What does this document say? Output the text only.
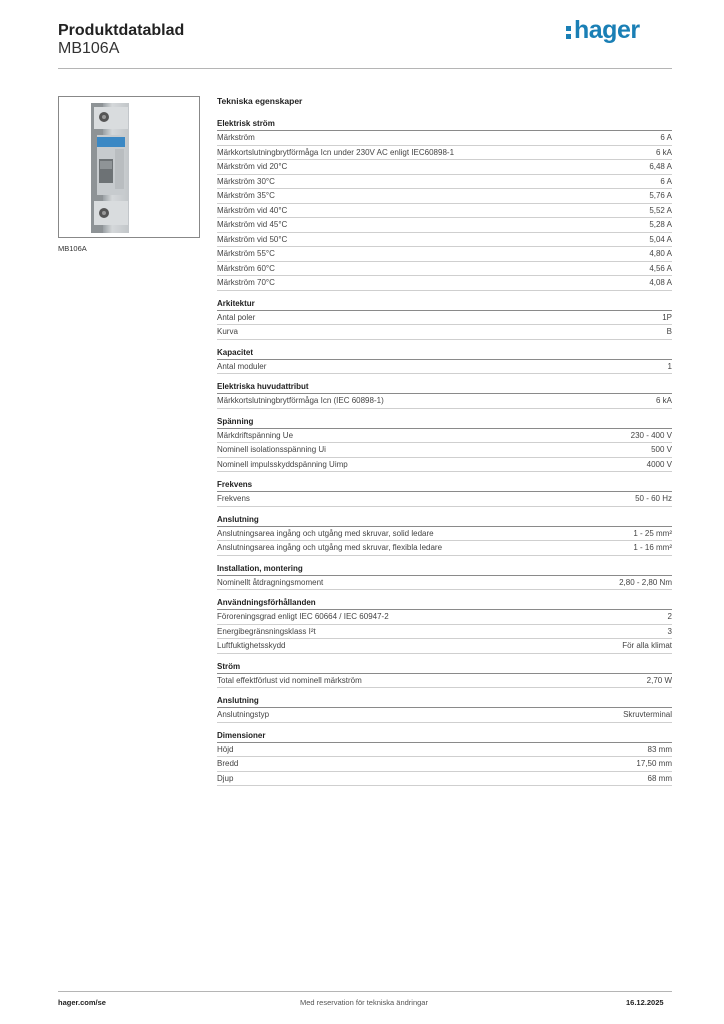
Produktdatablad
MB106A
hager
MB106A
Tekniska egenskaper
Elektrisk ström
Märkström	6 A
Märkkortslutningbrytförmåga Icn under 230V AC enligt IEC60898-1	6 kA
Märkström vid 20°C	6,48 A
Märkström 30°C	6 A
Märkström 35°C	5,76 A
Märkström vid 40°C	5,52 A
Märkström vid 45°C	5,28 A
Märkström vid 50°C	5,04 A
Märkström 55°C	4,80 A
Märkström 60°C	4,56 A
Märkström 70°C	4,08 A
Arkitektur
Antal poler	1P
Kurva	B
Kapacitet
Antal moduler	1
Elektriska huvudattribut
Märkkortslutningbrytförmåga Icn (IEC 60898-1)	6 kA
Spänning
Märkdriftspänning Ue	230 - 400 V
Nominell isolationsspänning Ui	500 V
Nominell impulsskyddspänning Uimp	4000 V
Frekvens
Frekvens	50 - 60 Hz
Anslutning
Anslutningsarea ingång och utgång med skruvar, solid ledare	1 - 25 mm²
Anslutningsarea ingång och utgång med skruvar, flexibla ledare	1 - 16 mm²
Installation, montering
Nominellt åtdragningsmoment	2,80 - 2,80 Nm
Användningsförhållanden
Föroreningsgrad enligt IEC 60664 / IEC 60947-2	2
Energibegränsningsklass I²t	3
Luftfuktighetsskydd	För alla klimat
Ström
Total effektförlust vid nominell märkström	2,70 W
Anslutning
Anslutningstyp	Skruvterminal
Dimensioner
Höjd	83 mm
Bredd	17,50 mm
Djup	68 mm
hager.com/se	Med reservation för tekniska ändringar	16.12.2025
